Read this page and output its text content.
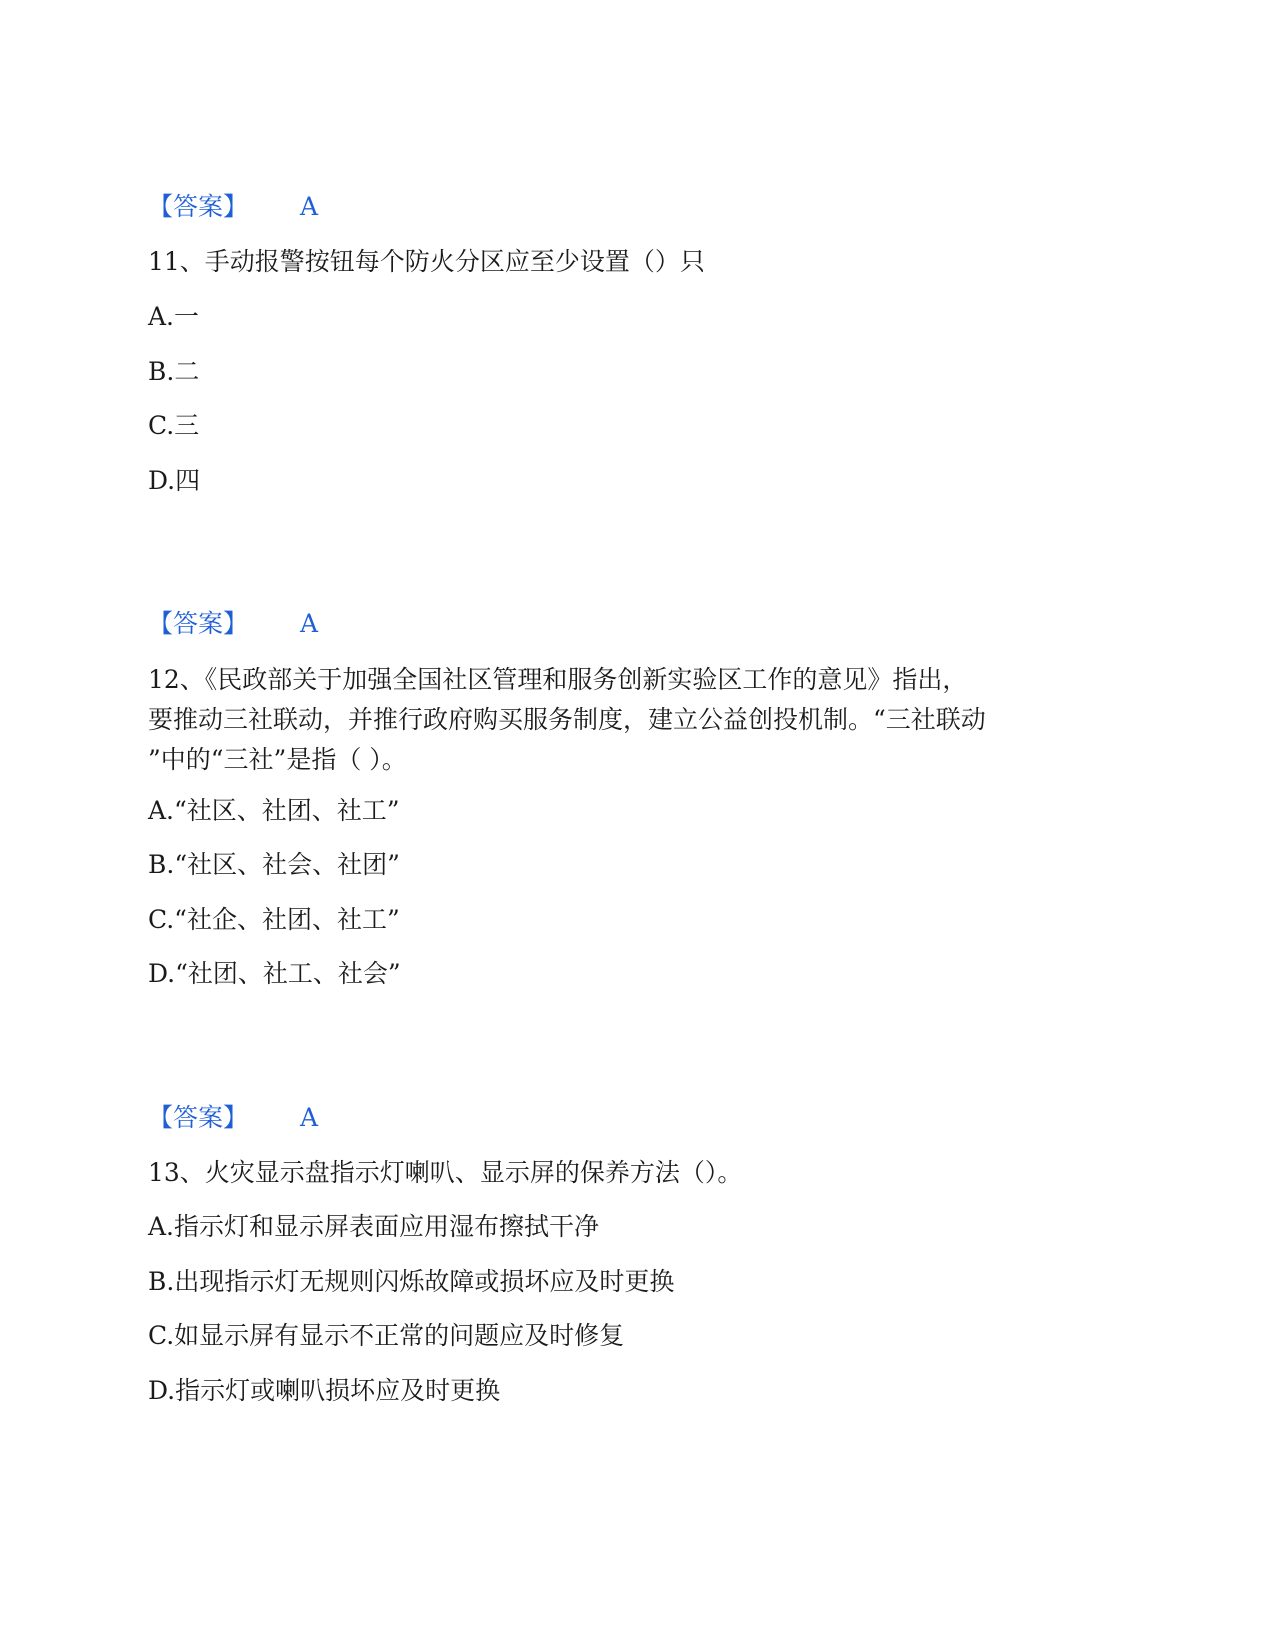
【答案】 A
11、手动报警按钮每个防火分区应至少设置（）只
A.一
B.二
C.三
D.四
【答案】 A
12、《民政部关于加强全国社区管理和服务创新实验区工作的意见》指出，
要推动三社联动，并推行政府购买服务制度，建立公益创投机制。“三社联动
”中的“三社”是指（ ）。
A.“社区、社团、社工”
B.“社区、社会、社团”
C.“社企、社团、社工”
D.“社团、社工、社会”
【答案】 A
13、火灾显示盘指示灯喇叭、显示屏的保养方法（）。
A.指示灯和显示屏表面应用湿布擦拭干净
B.出现指示灯无规则闪烁故障或损坏应及时更换
C.如显示屏有显示不正常的问题应及时修复
D.指示灯或喇叭损坏应及时更换
